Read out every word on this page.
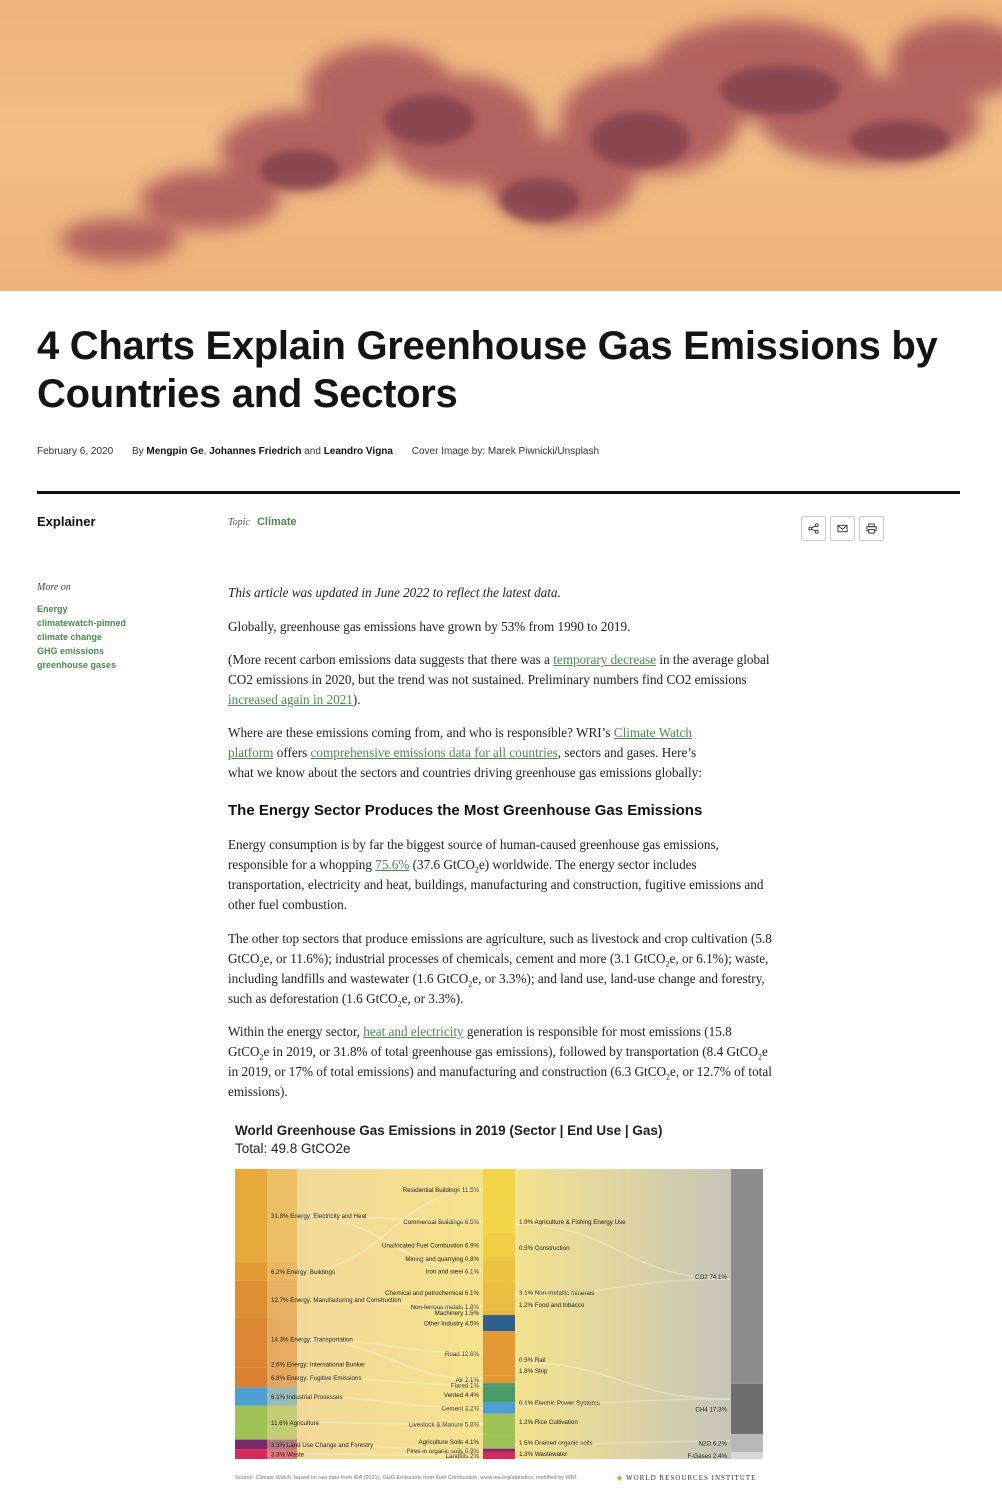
4 Charts Explain Greenhouse Gas Emissions by Countries and Sectors
February 6, 2020 By Mengpin Ge, Johannes Friedrich and Leandro Vigna Cover Image by: Marek Piwnicki/Unsplash
Explainer	Topic Climate
More on
Energy
climatewatch-pinned
climate change
GHG emissions
greenhouse gases

This article was updated in June 2022 to reflect the latest data.

Globally, greenhouse gas emissions have grown by 53% from 1990 to 2019.

(More recent carbon emissions data suggests that there was a temporary decrease in the average global CO2 emissions in 2020, but the trend was not sustained. Preliminary numbers find CO2 emissions increased again in 2021).

Where are these emissions coming from, and who is responsible? WRI’s Climate Watch platform offers comprehensive emissions data for all countries, sectors and gases. Here’s what we know about the sectors and countries driving greenhouse gas emissions globally:

The Energy Sector Produces the Most Greenhouse Gas Emissions

Energy consumption is by far the biggest source of human-caused greenhouse gas emissions, responsible for a whopping 75.6% (37.6 GtCO$_2$e) worldwide. The energy sector includes transportation, electricity and heat, buildings, manufacturing and construction, fugitive emissions and other fuel combustion.

The other top sectors that produce emissions are agriculture, such as livestock and crop cultivation (5.8 GtCO$_2$e, or 11.6%); industrial processes of chemicals, cement and more (3.1 GtCO$_2$e, or 6.1%); waste, including landfills and wastewater (1.6 GtCO$_2$e, or 3.3%); and land use, land-use change and forestry, such as deforestation (1.6 GtCO$_2$e, or 3.3%).

Within the energy sector, heat and electricity generation is responsible for most emissions (15.8 GtCO$_2$e in 2019, or 31.8% of total greenhouse gas emissions), followed by transportation (8.4 GtCO$_2$e in 2019, or 17% of total emissions) and manufacturing and construction (6.3 GtCO$_2$e, or 12.7% of total emissions).

World Greenhouse Gas Emissions in 2019 (Sector | End Use | Gas)
Total: 49.8 GtCO2e
Residential Buildings 11.5%
Commercial Buildings 6.5%
Unallocated Fuel Combustion 6.9%
Mining and quarrying 0.8%
Iron and steel 6.1%
Chemical and petrochemical 6.1%
Non-ferrous metals 1.8%
Machinery 1.5%
Other Industry 4.5%
Road 12.6%
Air 2.1%
Flared 1%
Vented 4.4%
Cement 3.2%
Livestock & Manure 5.8%
Agriculture Soils 4.1%
Fires in organic soils 0.9%
Landfills 2%
31.8% Energy: Electricity and Heat
6.2% Energy: Buildings
12.7% Energy: Manufacturing and Construction
14.3% Energy: Transportation
2.6% Energy: International Bunker
6.8% Energy: Fugitive Emissions
6.1% Industrial Processes
11.6% Agriculture
3.3% Land Use Change and Forestry
3.3% Waste
1.9% Agriculture & Fishing Energy Use
0.5% Construction
3.1% Non-metallic minerals
1.2% Food and tobacco
0.5% Rail
1.8% Ship
0.1% Electric Power Systems
1.2% Rice Cultivation
1.5% Drained organic soils
1.3% Wastewater
CO2 74.1%
CH4 17.3%
N2O 6.2%
F-Gases 2.4%
Source: Climate Watch, based on raw data from IEA (2021), GHG Emissions from Fuel Combustion, www.iea.org/statistics; modified by WRI.	◆ WORLD RESOURCES INSTITUTE
